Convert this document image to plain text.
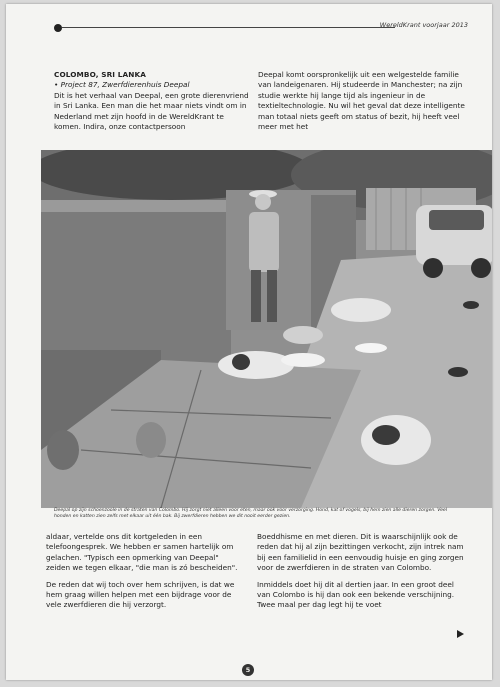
WereldKrant voorjaar 2013

COLOMBO, SRI LANKA

• Project 87, Zwerfdierenhuis Deepal

Dit is het verhaal van Deepal, een grote dierenvriend in Sri Lanka. Een man die het maar niets vindt om in Nederland met zijn hoofd in de WereldKrant te komen. Indira, onze contactpersoon

Deepal komt oorspronkelijk uit een welgestelde familie van landeigenaren. Hij studeerde in Manchester; na zijn studie werkte hij lange tijd als ingenieur in de textieltechnologie. Nu wil het geval dat deze intelligente man totaal niets geeft om status of bezit, hij heeft veel meer met het

Deepal op zijn schoenzoole in de straten van Colombo. Hij zorgt niet alleen voor eten, maar ook voor verzorging. Hond, kat of vogels, bij hem zien alle dieren zorgen. Veel honden en katten zien zelfs met elkaar uit één bak. Bij zwerfdieren hebben we dit nooit eerder gezien.

aldaar, vertelde ons dit kortgeleden in een telefoongesprek. We hebben er samen hartelijk om gelachen. "Typisch een opmerking van Deepal" zeiden we tegen elkaar, "die man is zó bescheiden".

De reden dat wij toch over hem schrijven, is dat we hem graag willen helpen met een bijdrage voor de vele zwerfdieren die hij verzorgt.

Boeddhisme en met dieren. Dit is waarschijnlijk ook de reden dat hij al zijn bezittingen verkocht, zijn intrek nam bij een familielid in een eenvoudig huisje en ging zorgen voor de zwerfdieren in de straten van Colombo.

Inmiddels doet hij dit al dertien jaar. In een groot deel van Colombo is hij dan ook een bekende verschijning. Twee maal per dag legt hij te voet

5
